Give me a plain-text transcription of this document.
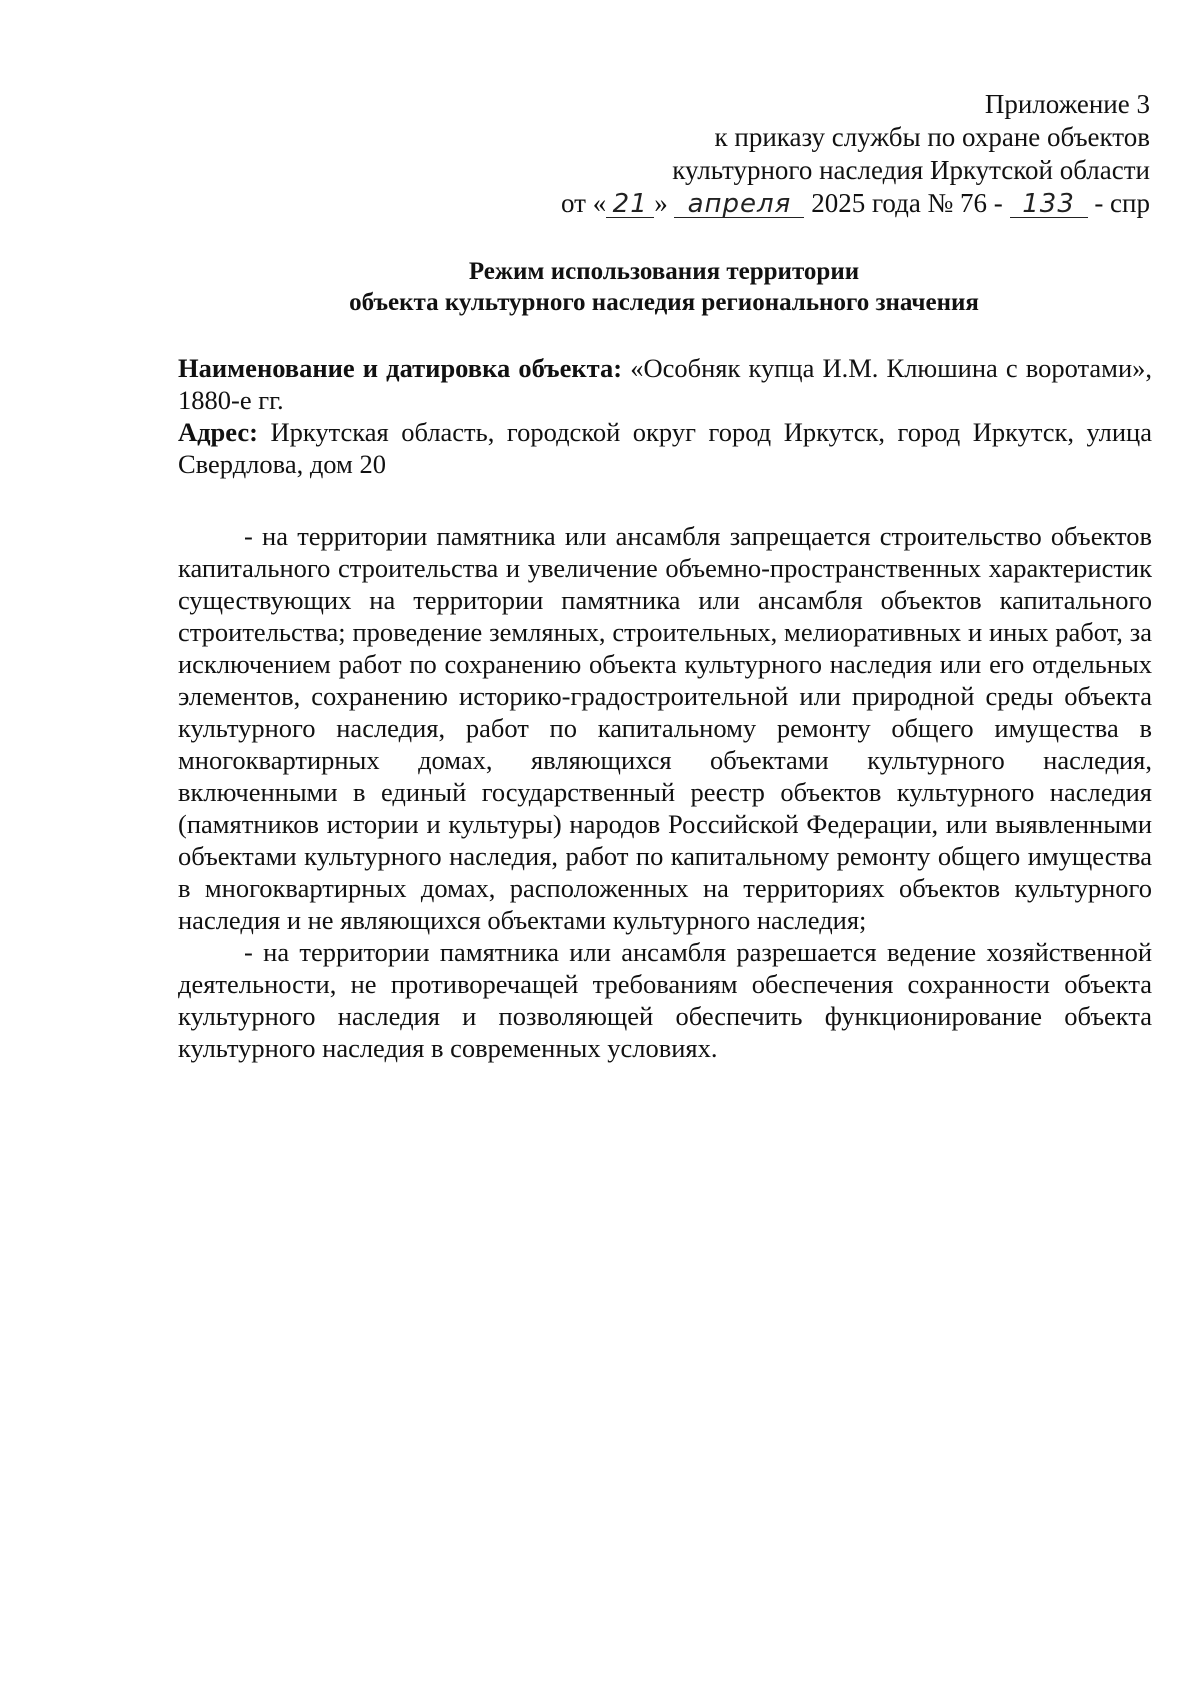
Приложение 3
к приказу службы по охране объектов
культурного наследия Иркутской области
от « 21 » апреля 2025 года № 76 - 133 - спр
Режим использования территории
объекта культурного наследия регионального значения

Наименование и датировка объекта: «Особняк купца И.М. Клюшина с воротами», 1880-е гг.

Адрес: Иркутская область, городской округ город Иркутск, город Иркутск, улица Свердлова, дом 20

- на территории памятника или ансамбля запрещается строительство объектов капитального строительства и увеличение объемно-пространственных характеристик существующих на территории памятника или ансамбля объектов капитального строительства; проведение земляных, строительных, мелиоративных и иных работ, за исключением работ по сохранению объекта культурного наследия или его отдельных элементов, сохранению историко-градостроительной или природной среды объекта культурного наследия, работ по капитальному ремонту общего имущества в многоквартирных домах, являющихся объектами культурного наследия, включенными в единый государственный реестр объектов культурного наследия (памятников истории и культуры) народов Российской Федерации, или выявленными объектами культурного наследия, работ по капитальному ремонту общего имущества в многоквартирных домах, расположенных на территориях объектов культурного наследия и не являющихся объектами культурного наследия;

- на территории памятника или ансамбля разрешается ведение хозяйственной деятельности, не противоречащей требованиям обеспечения сохранности объекта культурного наследия и позволяющей обеспечить функционирование объекта культурного наследия в современных условиях.
